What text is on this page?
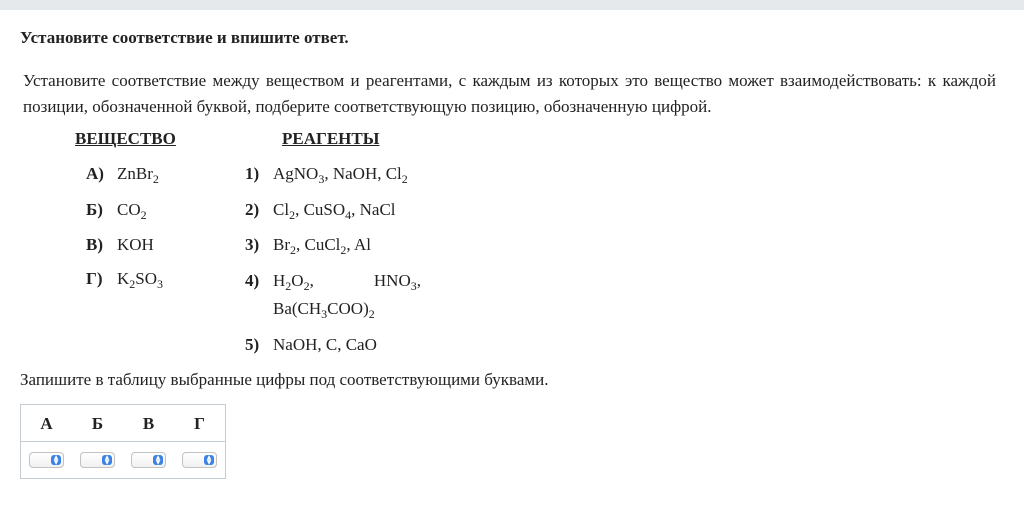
Установите соответствие и впишите ответ.
Установите соответствие между веществом и реагентами, с каждым из которых это вещество может взаимодействовать: к каждой позиции, обозначенной буквой, подберите соответствующую позицию, обозначенную цифрой.
ВЕЩЕСТВО	РЕАГЕНТЫ
А) ZnBr$_2$
Б) $CO_2$
В) KOH
Г) $K_2SO_3$
1) AgNO$_3$, NaOH, $Cl_2$
2) $Cl_2$, CuSO$_4$, NaCl
3) $Br_2$, CuCl$_2$, Al
4) $H_2O_2$,	$HNO_3$,
$Ba(CH_3COO)_2$
5) NaOH, C, CaO
Запишите в таблицу выбранные цифры под соответствующими буквами.
А	Б	В	Г
▲
▼
▲
▼
▲
▼
▲
▼
